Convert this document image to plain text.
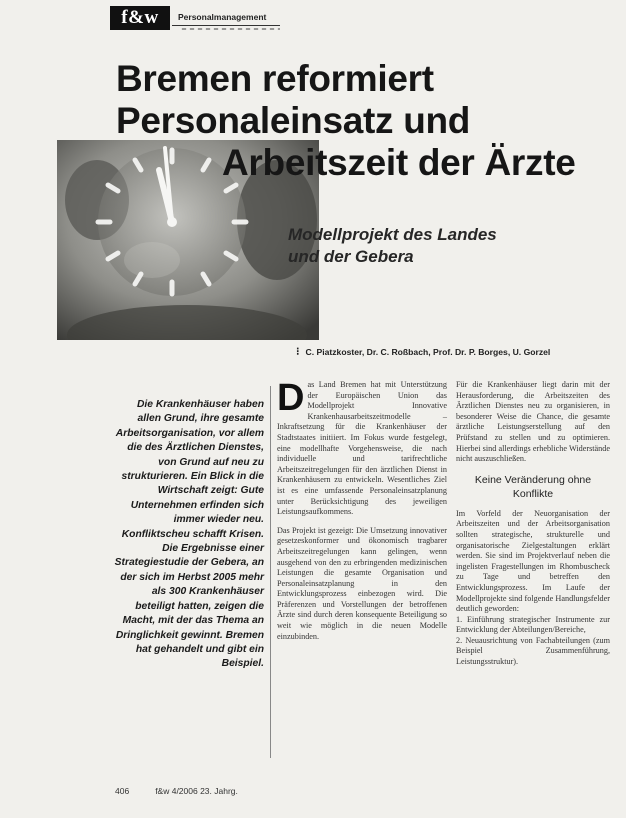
f&w	Personalmanagement
Bremen reformiert
Personaleinsatz und
Arbeitszeit der Ärzte
Modellprojekt des Landes
und der Gebera
⁝ C. Piatzkoster, Dr. C. Roßbach, Prof. Dr. P. Borges, U. Gorzel
Die Krankenhäuser haben allen Grund, ihre gesamte Arbeitsorganisation, vor allem die des Ärztlichen Dienstes, von Grund auf neu zu strukturieren. Ein Blick in die Wirtschaft zeigt: Gute Unternehmen erfinden sich immer wieder neu. Konfliktscheu schafft Krisen. Die Ergebnisse einer Strategiestudie der Gebera, an der sich im Herbst 2005 mehr als 300 Krankenhäuser beteiligt hatten, zeigen die Macht, mit der das Thema an Dringlichkeit gewinnt. Bremen hat gehandelt und gibt ein Beispiel.

Das Land Bremen hat mit Unterstützung der Europäischen Union das Modellprojekt Innovative Krankenhausarbeitszeitmodelle – Inkraftsetzung für die Krankenhäuser der Stadtstaates initiiert. Im Fokus wurde festgelegt, eine modellhafte Vorgehensweise, die nach individuelle und tarifrechtliche Arbeitszeitregelungen für den ärztlichen Dienst in Krankenhäusern zu entwickeln. Wesentliches Ziel ist es eine umfassende Personaleinsatzplanung unter Berücksichtigung des jeweiligen Leistungsaufkommens.

Das Projekt ist gezeigt: Die Umsetzung innovativer gesetzeskonformer und ökonomisch tragbarer Arbeitszeitregelungen kann gelingen, wenn ausgehend von den zu erbringenden medizinischen Leistungen die gesamte Organisation und Personaleinsatzplanung in den Entwicklungsprozess einbezogen wird. Die Präferenzen und Vorstellungen der betroffenen Ärzte sind durch deren konsequente Beteiligung so weit wie möglich in die neuen Modelle einzubinden.

Für die Krankenhäuser liegt darin mit der Herausforderung, die Arbeitszeiten des Ärztlichen Dienstes neu zu organisieren, in besonderer Weise die Chance, die gesamte ärztliche Leistungserstellung auf den Prüfstand zu stellen und zu optimieren. Hierbei sind allerdings erhebliche Widerstände nicht auszuschließen.

Keine Veränderung ohne Konflikte

Im Vorfeld der Neuorganisation der Arbeitszeiten und der Arbeitsorganisation sollten strategische, strukturelle und organisatorische Zielgestaltungen erklärt werden. Sie sind im Projektverlauf neben die ingelisten Fragestellungen im Rhombuscheck zu Tage und betreffen den Entwicklungsprozess. Im Laufe der Modellprojekte sind folgende Handlungsfelder deutlich geworden:

1. Einführung strategischer Instrumente zur Entwicklung der Abteilungen/Bereiche,

2. Neuausrichtung von Fachabteilungen (zum Beispiel Zusammenführung, Leistungsstruktur).

406	f&w 4/2006 23. Jahrg.
